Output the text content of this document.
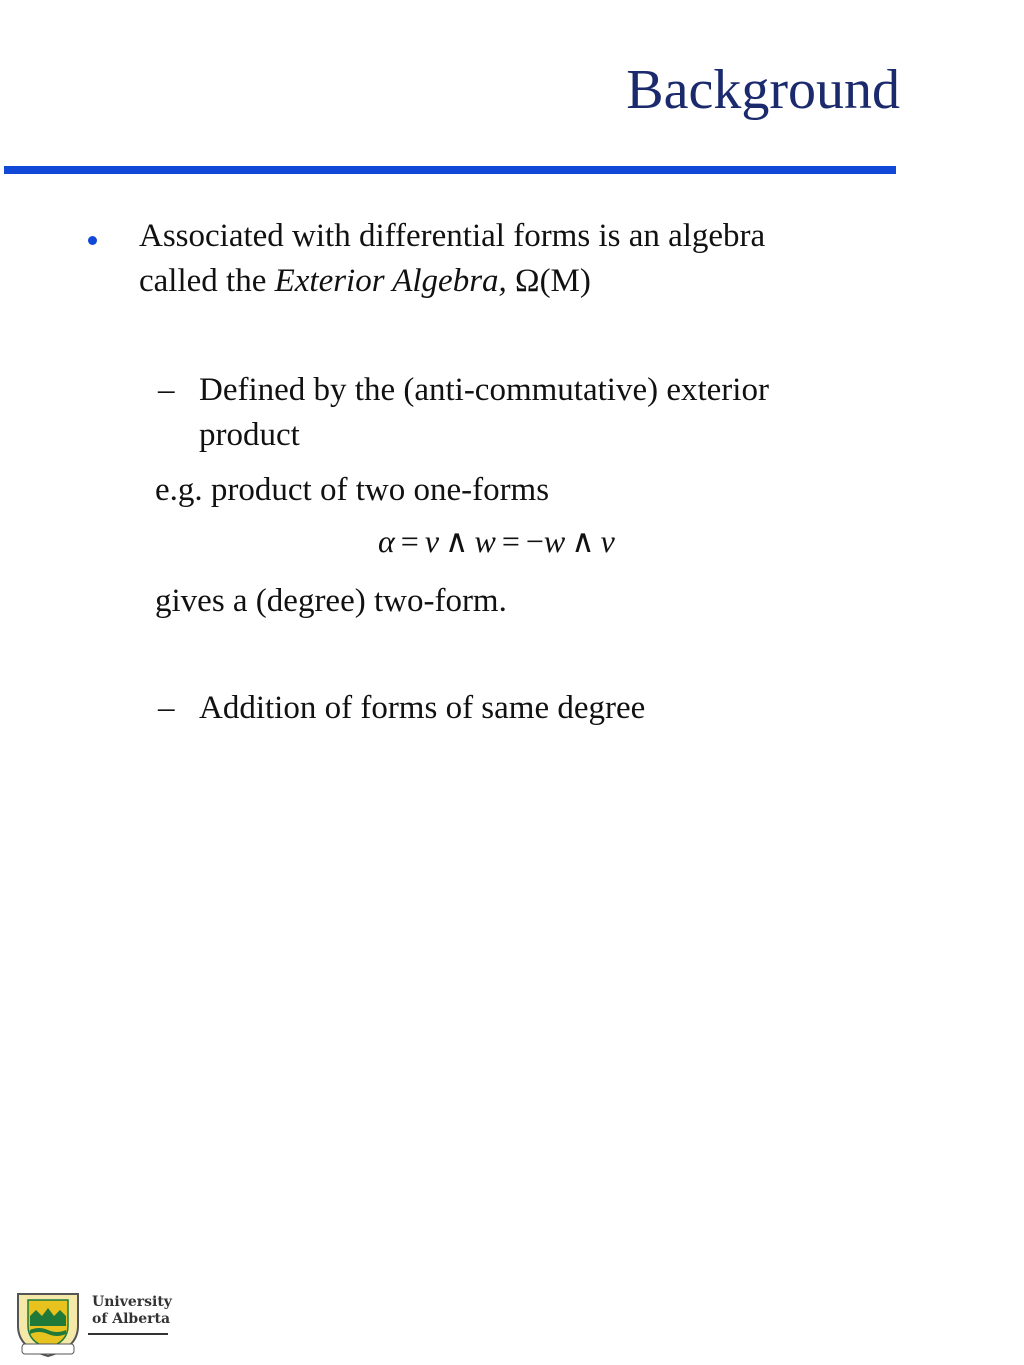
Background
Associated with differential forms is an algebra
called the Exterior Algebra, Ω(M)
– Defined by the (anti-commutative) exterior
product
e.g. product of two one-forms
α = v ∧ w = −w ∧ v
gives a (degree) two-form.
– Addition of forms of same degree
University
of Alberta
